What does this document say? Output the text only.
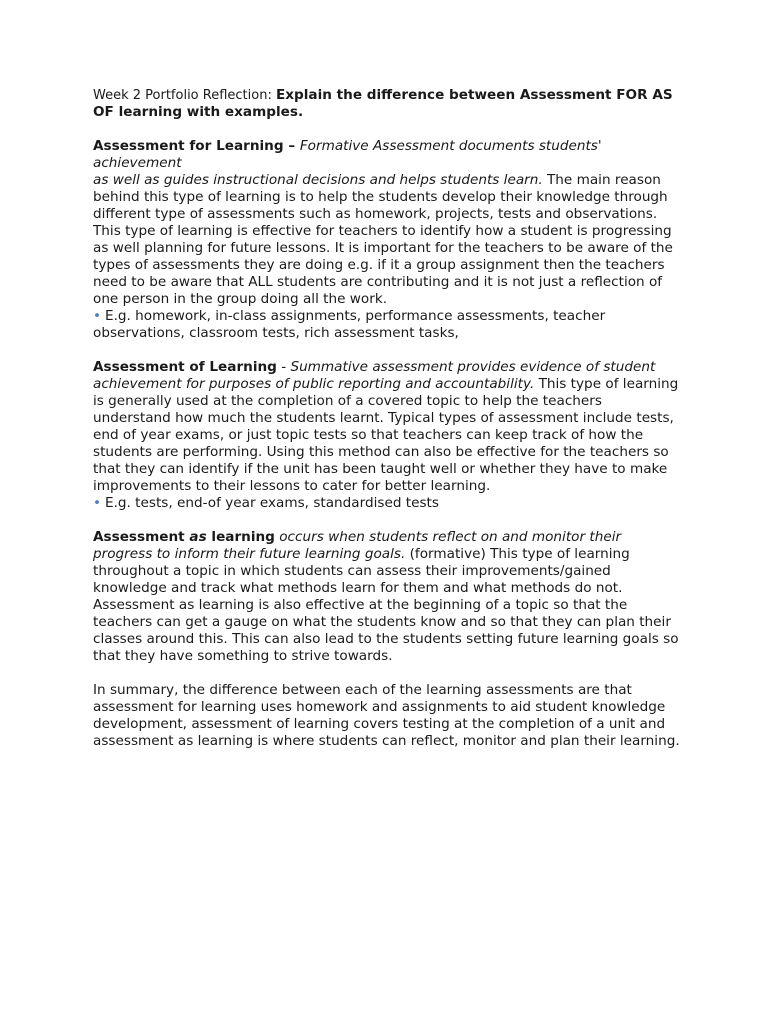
Week 2 Portfolio Reflection: Explain the difference between Assessment FOR AS OF learning with examples.

Assessment for Learning – Formative Assessment documents students' achievement
as well as guides instructional decisions and helps students learn. The main reason behind this type of learning is to help the students develop their knowledge through different type of assessments such as homework, projects, tests and observations. This type of learning is effective for teachers to identify how a student is progressing as well planning for future lessons. It is important for the teachers to be aware of the types of assessments they are doing e.g. if it a group assignment then the teachers need to be aware that ALL students are contributing and it is not just a reflection of one person in the group doing all the work.

• E.g. homework, in-class assignments, performance assessments, teacher observations, classroom tests, rich assessment tasks,

Assessment of Learning - Summative assessment provides evidence of student achievement for purposes of public reporting and accountability. This type of learning is generally used at the completion of a covered topic to help the teachers understand how much the students learnt. Typical types of assessment include tests, end of year exams, or just topic tests so that teachers can keep track of how the students are performing. Using this method can also be effective for the teachers so that they can identify if the unit has been taught well or whether they have to make improvements to their lessons to cater for better learning.

• E.g. tests, end-of year exams, standardised tests

Assessment as learning occurs when students reflect on and monitor their progress to inform their future learning goals. (formative) This type of learning throughout a topic in which students can assess their improvements/gained knowledge and track what methods learn for them and what methods do not. Assessment as learning is also effective at the beginning of a topic so that the teachers can get a gauge on what the students know and so that they can plan their classes around this. This can also lead to the students setting future learning goals so that they have something to strive towards.

In summary, the difference between each of the learning assessments are that assessment for learning uses homework and assignments to aid student knowledge development, assessment of learning covers testing at the completion of a unit and assessment as learning is where students can reflect, monitor and plan their learning.
